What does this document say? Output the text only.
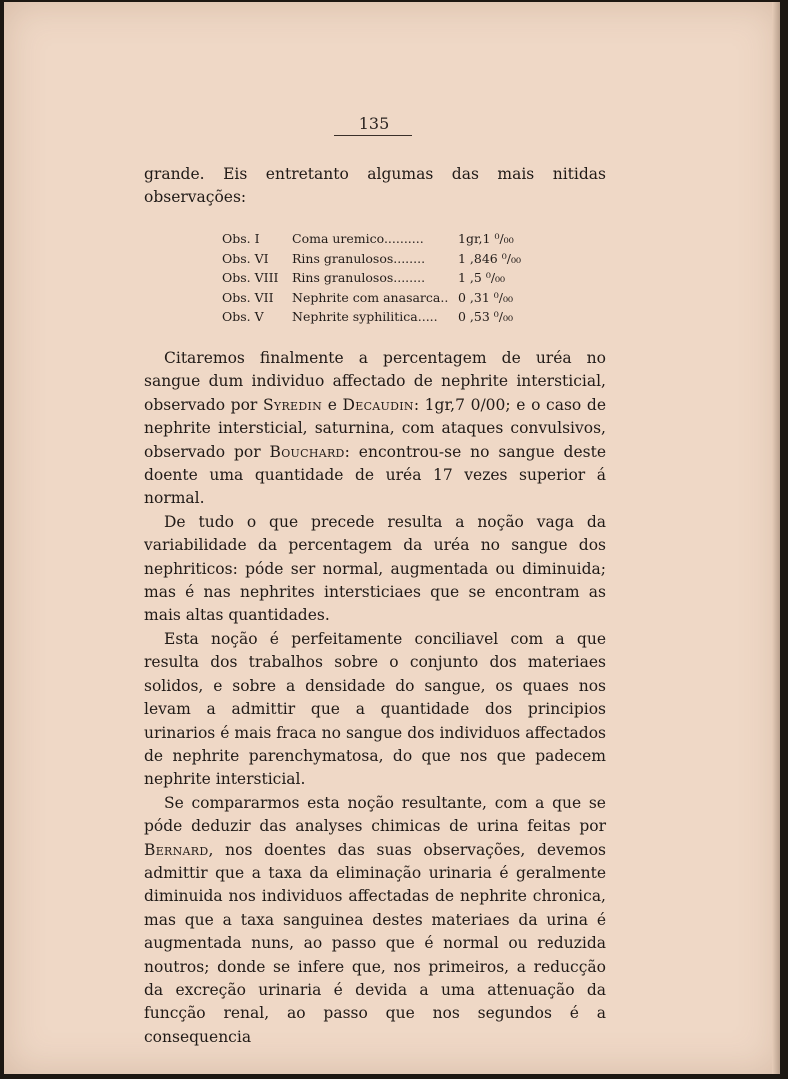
135
grande. Eis entretanto algumas das mais nitidas observações:
Obs. I	Coma uremico..........	1gr,1 ⁰/₀₀
Obs. VI	Rins granulosos........	1 ,846 ⁰/₀₀
Obs. VIII	Rins granulosos........	1 ,5 ⁰/₀₀
Obs. VII	Nephrite com anasarca..	0 ,31 ⁰/₀₀
Obs. V	Nephrite syphilitica.....	0 ,53 ⁰/₀₀

Citaremos finalmente a percentagem de uréa no sangue dum individuo affectado de nephrite intersticial, observado por Syredin e Decaudin: 1gr,7 0/00; e o caso de nephrite intersticial, saturnina, com ataques convulsivos, observado por Bouchard: encontrou-se no sangue deste doente uma quantidade de uréa 17 vezes superior á normal.

De tudo o que precede resulta a noção vaga da variabilidade da percentagem da uréa no sangue dos nephriticos: póde ser normal, augmentada ou diminuida; mas é nas nephrites intersticiaes que se encontram as mais altas quantidades.

Esta noção é perfeitamente conciliavel com a que resulta dos trabalhos sobre o conjunto dos materiaes solidos, e sobre a densidade do sangue, os quaes nos levam a admittir que a quantidade dos principios urinarios é mais fraca no sangue dos individuos affectados de nephrite parenchymatosa, do que nos que padecem nephrite intersticial.

Se compararmos esta noção resultante, com a que se póde deduzir das analyses chimicas de urina feitas por Bernard, nos doentes das suas observações, devemos admittir que a taxa da eliminação urinaria é geralmente diminuida nos individuos affectadas de nephrite chronica, mas que a taxa sanguinea destes materiaes da urina é augmentada nuns, ao passo que é normal ou reduzida noutros; donde se infere que, nos primeiros, a reducção da excreção urinaria é devida a uma attenuação da funcção renal, ao passo que nos segundos é a consequencia
